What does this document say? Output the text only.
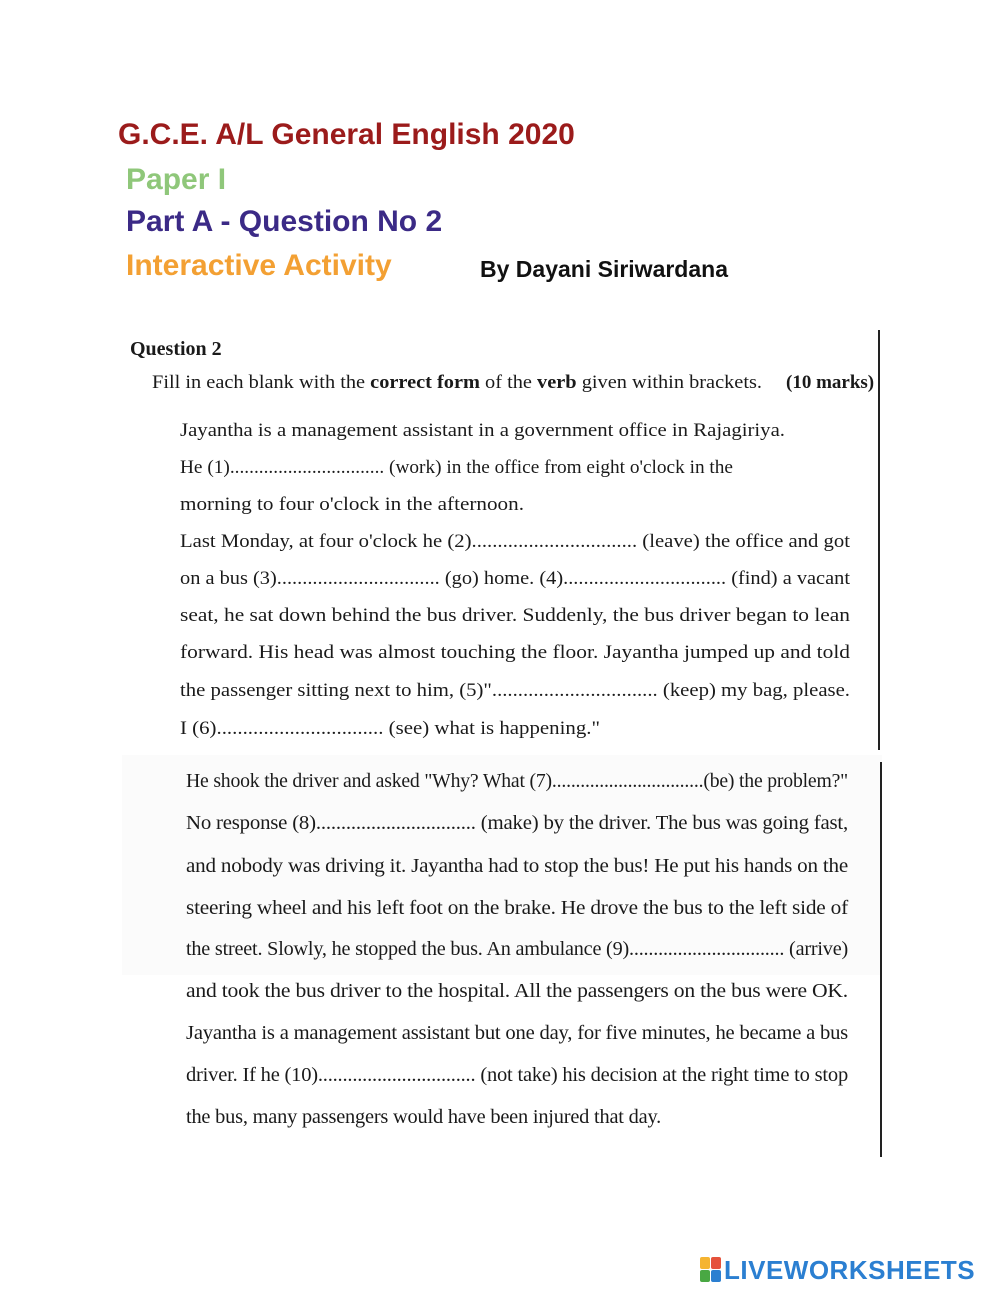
G.C.E. A/L General English 2020
Paper I
Part A - Question No 2
Interactive Activity	By Dayani Siriwardana
Question 2
Fill in each blank with the correct form of the verb given within brackets. (10 marks)
Jayantha is a management assistant in a government office in Rajagiriya.
He (1)................................ (work) in the office from eight o'clock in the
morning to four o'clock in the afternoon.
Last Monday, at four o'clock he (2)................................ (leave) the office and got
on a bus (3)................................ (go) home. (4)................................ (find) a vacant
seat, he sat down behind the bus driver. Suddenly, the bus driver began to lean
forward. His head was almost touching the floor. Jayantha jumped up and told
the passenger sitting next to him, (5)"................................ (keep) my bag, please.
I (6)................................ (see) what is happening."
He shook the driver and asked "Why? What (7)................................(be) the problem?"
No response (8)................................ (make) by the driver. The bus was going fast,
and nobody was driving it. Jayantha had to stop the bus! He put his hands on the
steering wheel and his left foot on the brake. He drove the bus to the left side of
the street. Slowly, he stopped the bus. An ambulance (9)................................ (arrive)
and took the bus driver to the hospital. All the passengers on the bus were OK.
Jayantha is a management assistant but one day, for five minutes, he became a bus
driver. If he (10)................................ (not take) his decision at the right time to stop
the bus, many passengers would have been injured that day.
LIVEWORKSHEETS
